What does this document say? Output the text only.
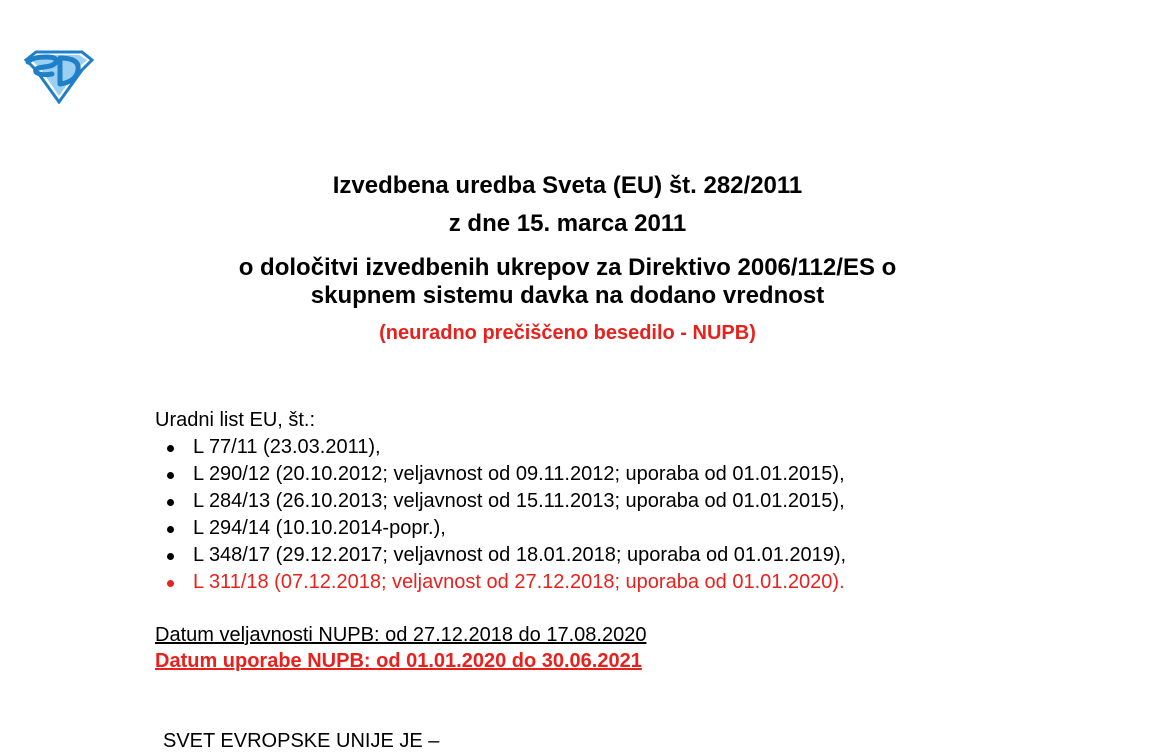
Izvedbena uredba Sveta (EU) št. 282/2011
z dne 15. marca 2011
o določitvi izvedbenih ukrepov za Direktivo 2006/112/ES o
skupnem sistemu davka na dodano vrednost
(neuradno prečiščeno besedilo - NUPB)
Uradni list EU, št.:
L 77/11 (23.03.2011),
L 290/12 (20.10.2012; veljavnost od 09.11.2012; uporaba od 01.01.2015),
L 284/13 (26.10.2013; veljavnost od 15.11.2013; uporaba od 01.01.2015),
L 294/14 (10.10.2014-popr.),
L 348/17 (29.12.2017; veljavnost od 18.01.2018; uporaba od 01.01.2019),
L 311/18 (07.12.2018; veljavnost od 27.12.2018; uporaba od 01.01.2020).
Datum veljavnosti NUPB: od 27.12.2018 do 17.08.2020
Datum uporabe NUPB: od 01.01.2020 do 30.06.2021
SVET EVROPSKE UNIJE JE –
